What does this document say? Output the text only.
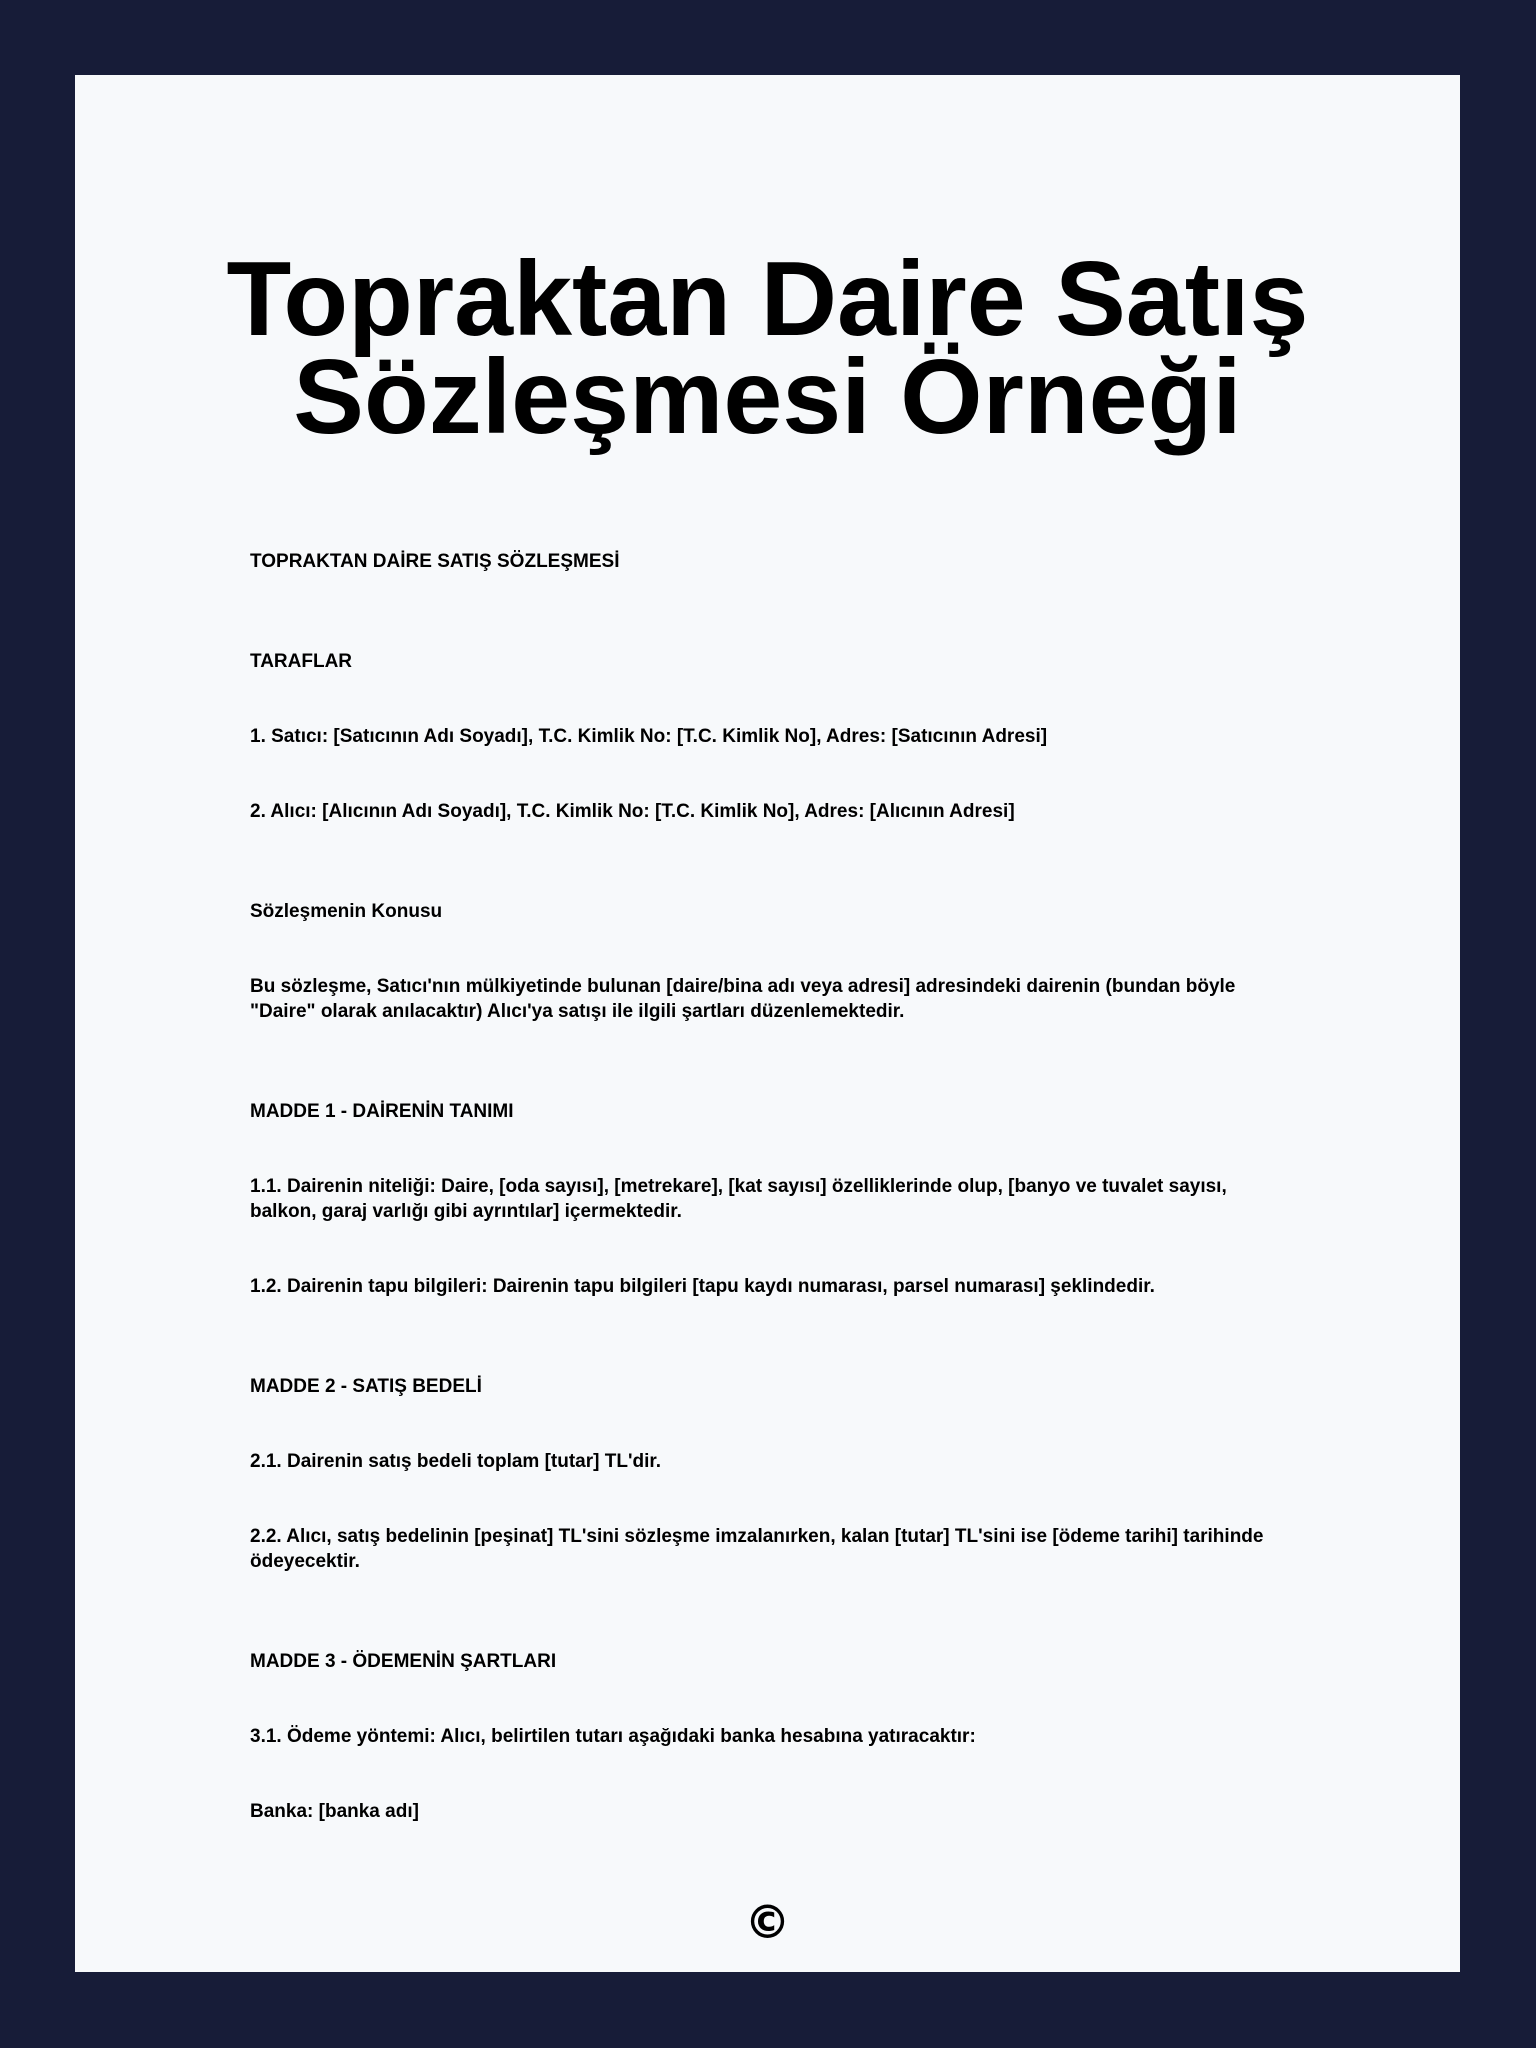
Topraktan Daire Satış
Sözleşmesi Örneği

TOPRAKTAN DAİRE SATIŞ SÖZLEŞMESİ

TARAFLAR

1. Satıcı: [Satıcının Adı Soyadı], T.C. Kimlik No: [T.C. Kimlik No], Adres: [Satıcının Adresi]

2. Alıcı: [Alıcının Adı Soyadı], T.C. Kimlik No: [T.C. Kimlik No], Adres: [Alıcının Adresi]

Sözleşmenin Konusu

Bu sözleşme, Satıcı'nın mülkiyetinde bulunan [daire/bina adı veya adresi] adresindeki dairenin (bundan böyle "Daire" olarak anılacaktır) Alıcı'ya satışı ile ilgili şartları düzenlemektedir.

MADDE 1 - DAİRENİN TANIMI

1.1. Dairenin niteliği: Daire, [oda sayısı], [metrekare], [kat sayısı] özelliklerinde olup, [banyo ve tuvalet sayısı, balkon, garaj varlığı gibi ayrıntılar] içermektedir.

1.2. Dairenin tapu bilgileri: Dairenin tapu bilgileri [tapu kaydı numarası, parsel numarası] şeklindedir.

MADDE 2 - SATIŞ BEDELİ

2.1. Dairenin satış bedeli toplam [tutar] TL'dir.

2.2. Alıcı, satış bedelinin [peşinat] TL'sini sözleşme imzalanırken, kalan [tutar] TL'sini ise [ödeme tarihi] tarihinde ödeyecektir.

MADDE 3 - ÖDEMENİN ŞARTLARI

3.1. Ödeme yöntemi: Alıcı, belirtilen tutarı aşağıdaki banka hesabına yatıracaktır:

Banka: [banka adı]

©
